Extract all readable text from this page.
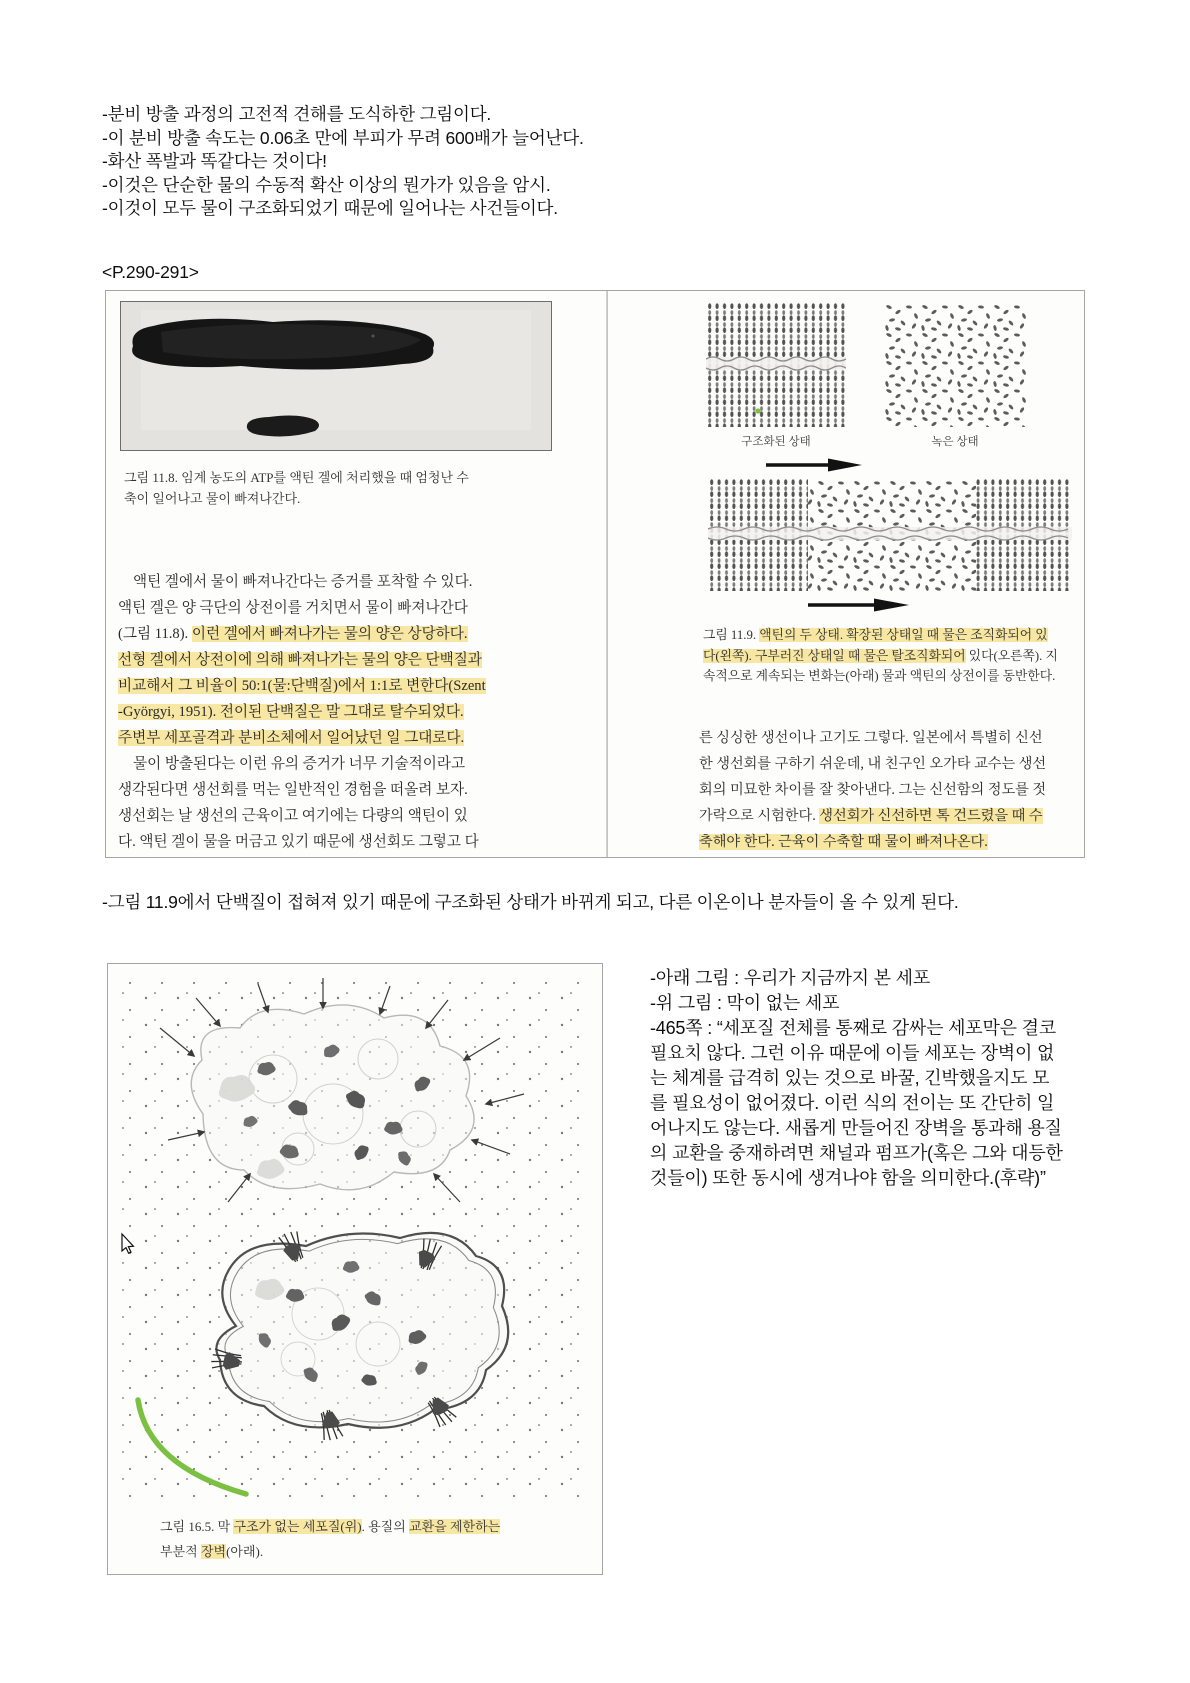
-분비 방출 과정의 고전적 견해를 도식하한 그림이다.
-이 분비 방출 속도는 0.06초 만에 부피가 무려 600배가 늘어난다.
-화산 폭발과 똑같다는 것이다!
-이것은 단순한 물의 수동적 확산 이상의 뭔가가 있음을 암시.
-이것이 모두 물이 구조화되었기 때문에 일어나는 사건들이다.
<P.290-291>
그림 11.8. 임계 농도의 ATP를 액틴 겔에 처리했을 때 엄청난 수
축이 일어나고 물이 빠져나간다.
액틴 겔에서 물이 빠져나간다는 증거를 포착할 수 있다.
액틴 겔은 양 극단의 상전이를 거치면서 물이 빠져나간다
(그림 11.8). 이런 겔에서 빠져나가는 물의 양은 상당하다.
선형 겔에서 상전이에 의해 빠져나가는 물의 양은 단백질과
비교해서 그 비율이 50:1(물:단백질)에서 1:1로 변한다(Szent
-Györgyi, 1951). 전이된 단백질은 말 그대로 탈수되었다.
주변부 세포골격과 분비소체에서 일어났던 일 그대로다.
물이 방출된다는 이런 유의 증거가 너무 기술적이라고
생각된다면 생선회를 먹는 일반적인 경험을 떠올려 보자.
생선회는 날 생선의 근육이고 여기에는 다량의 액틴이 있
다. 액틴 겔이 물을 머금고 있기 때문에 생선회도 그렇고 다
구조화된 상태	녹은 상태
그림 11.9. 액틴의 두 상태. 확장된 상태일 때 물은 조직화되어 있
다(왼쪽). 구부러진 상태일 때 물은 탈조직화되어 있다(오른쪽). 지
속적으로 계속되는 변화는(아래) 물과 액틴의 상전이를 동반한다.
른 싱싱한 생선이나 고기도 그렇다. 일본에서 특별히 신선
한 생선회를 구하기 쉬운데, 내 친구인 오가타 교수는 생선
회의 미묘한 차이를 잘 찾아낸다. 그는 신선함의 정도를 젓
가락으로 시험한다. 생선회가 신선하면 톡 건드렸을 때 수
축해야 한다. 근육이 수축할 때 물이 빠져나온다.
-그림 11.9에서 단백질이 접혀져 있기 때문에 구조화된 상태가 바뀌게 되고, 다른 이온이나 분자들이 올 수 있게 된다.
그림 16.5. 막 구조가 없는 세포질(위). 용질의 교환을 제한하는
부분적 장벽(아래).
-아래 그림 : 우리가 지금까지 본 세포
-위 그림 : 막이 없는 세포
-465쪽 : “세포질 전체를 통째로 감싸는 세포막은 결코
필요치 않다. 그런 이유 때문에 이들 세포는 장벽이 없
는 체계를 급격히 있는 것으로 바꿀, 긴박했을지도 모
를 필요성이 없어졌다. 이런 식의 전이는 또 간단히 일
어나지도 않는다. 새롭게 만들어진 장벽을 통과해 용질
의 교환을 중재하려면 채널과 펌프가(혹은 그와 대등한
것들이) 또한 동시에 생겨나야 함을 의미한다.(후략)”
